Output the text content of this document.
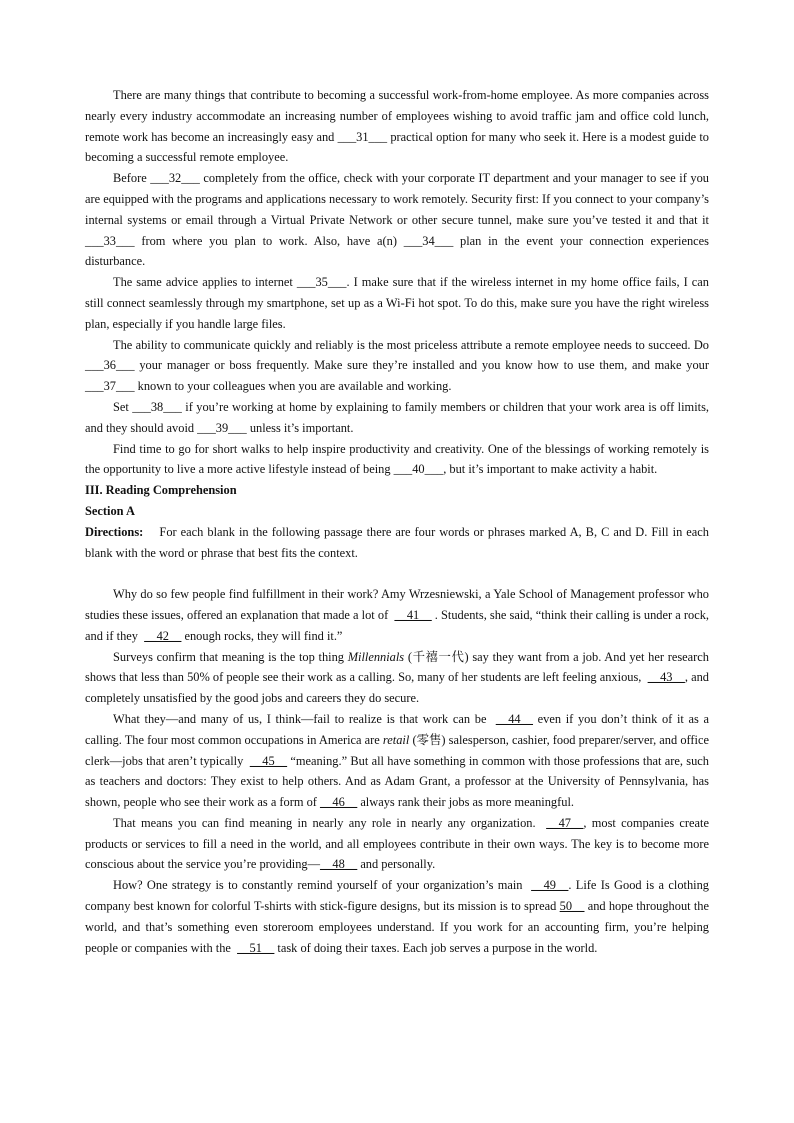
There are many things that contribute to becoming a successful work-from-home employee. As more companies across nearly every industry accommodate an increasing number of employees wishing to avoid traffic jam and office cold lunch, remote work has become an increasingly easy and ___31___ practical option for many who seek it. Here is a modest guide to becoming a successful remote employee.

Before ___32___ completely from the office, check with your corporate IT department and your manager to see if you are equipped with the programs and applications necessary to work remotely. Security first: If you connect to your company’s internal systems or email through a Virtual Private Network or other secure tunnel, make sure you’ve tested it and that it ___33___ from where you plan to work. Also, have a(n) ___34___ plan in the event your connection experiences disturbance.

The same advice applies to internet ___35___. I make sure that if the wireless internet in my home office fails, I can still connect seamlessly through my smartphone, set up as a Wi-Fi hot spot. To do this, make sure you have the right wireless plan, especially if you handle large files.

The ability to communicate quickly and reliably is the most priceless attribute a remote employee needs to succeed. Do ___36___ your manager or boss frequently. Make sure they’re installed and you know how to use them, and make your ___37___ known to your colleagues when you are available and working.

Set ___38___ if you’re working at home by explaining to family members or children that your work area is off limits, and they should avoid ___39___ unless it’s important.

Find time to go for short walks to help inspire productivity and creativity. One of the blessings of working remotely is the opportunity to live a more active lifestyle instead of being ___40___, but it’s important to make activity a habit.

III. Reading Comprehension
Section A

Directions: For each blank in the following passage there are four words or phrases marked A, B, C and D. Fill in each blank with the word or phrase that best fits the context.

Why do so few people find fulfillment in their work? Amy Wrzesniewski, a Yale School of Management professor who studies these issues, offered an explanation that made a lot of __41__ . Students, she said, “think their calling is under a rock, and if they __42__ enough rocks, they will find it.”

Surveys confirm that meaning is the top thing Millennials (千禧一代) say they want from a job. And yet her research shows that less than 50% of people see their work as a calling. So, many of her students are left feeling anxious, __43__, and completely unsatisfied by the good jobs and careers they do secure.

What they—and many of us, I think—fail to realize is that work can be __44__ even if you don’t think of it as a calling. The four most common occupations in America are retail (零售) salesperson, cashier, food preparer/server, and office clerk—jobs that aren’t typically __45__ “meaning.” But all have something in common with those professions that are, such as teachers and doctors: They exist to help others. And as Adam Grant, a professor at the University of Pennsylvania, has shown, people who see their work as a form of __46__ always rank their jobs as more meaningful.

That means you can find meaning in nearly any role in nearly any organization. __47__, most companies create products or services to fill a need in the world, and all employees contribute in their own ways. The key is to become more conscious about the service you’re providing—__48__ and personally.

How? One strategy is to constantly remind yourself of your organization’s main __49__. Life Is Good is a clothing company best known for colorful T-shirts with stick-figure designs, but its mission is to spread 50__ and hope throughout the world, and that’s something even storeroom employees understand. If you work for an accounting firm, you’re helping people or companies with the __51__ task of doing their taxes. Each job serves a purpose in the world.
